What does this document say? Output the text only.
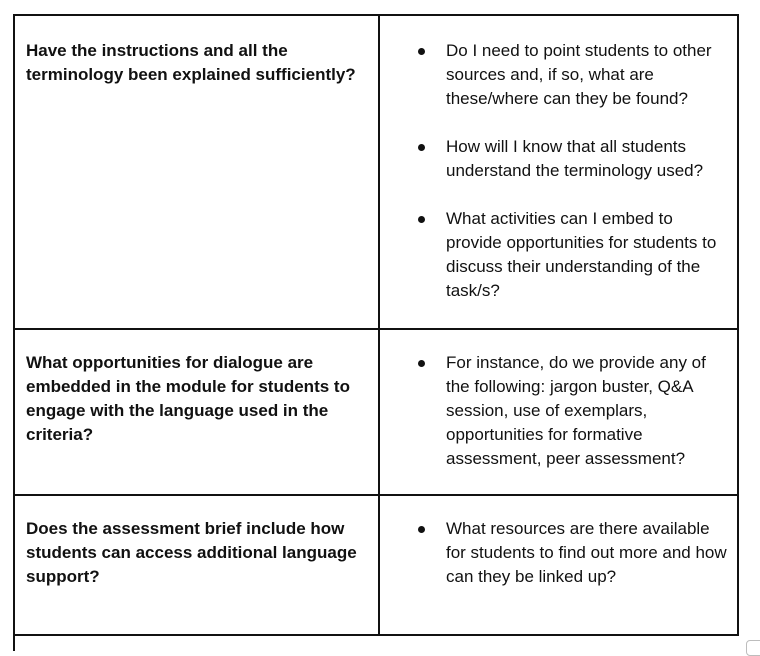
Have the instructions and all the terminology been explained sufficiently?

Do I need to point students to other sources and, if so, what are these/where can they be found?
How will I know that all students understand the terminology used?
What activities can I embed to provide opportunities for students to discuss their understanding of the task/s?

What opportunities for dialogue are embedded in the module for students to engage with the language used in the criteria?

For instance, do we provide any of the following: jargon buster, Q&A session, use of exemplars, opportunities for formative assessment, peer assessment?

Does the assessment brief include how students can access additional language support?

What resources are there available for students to find out more and how can they be linked up?
